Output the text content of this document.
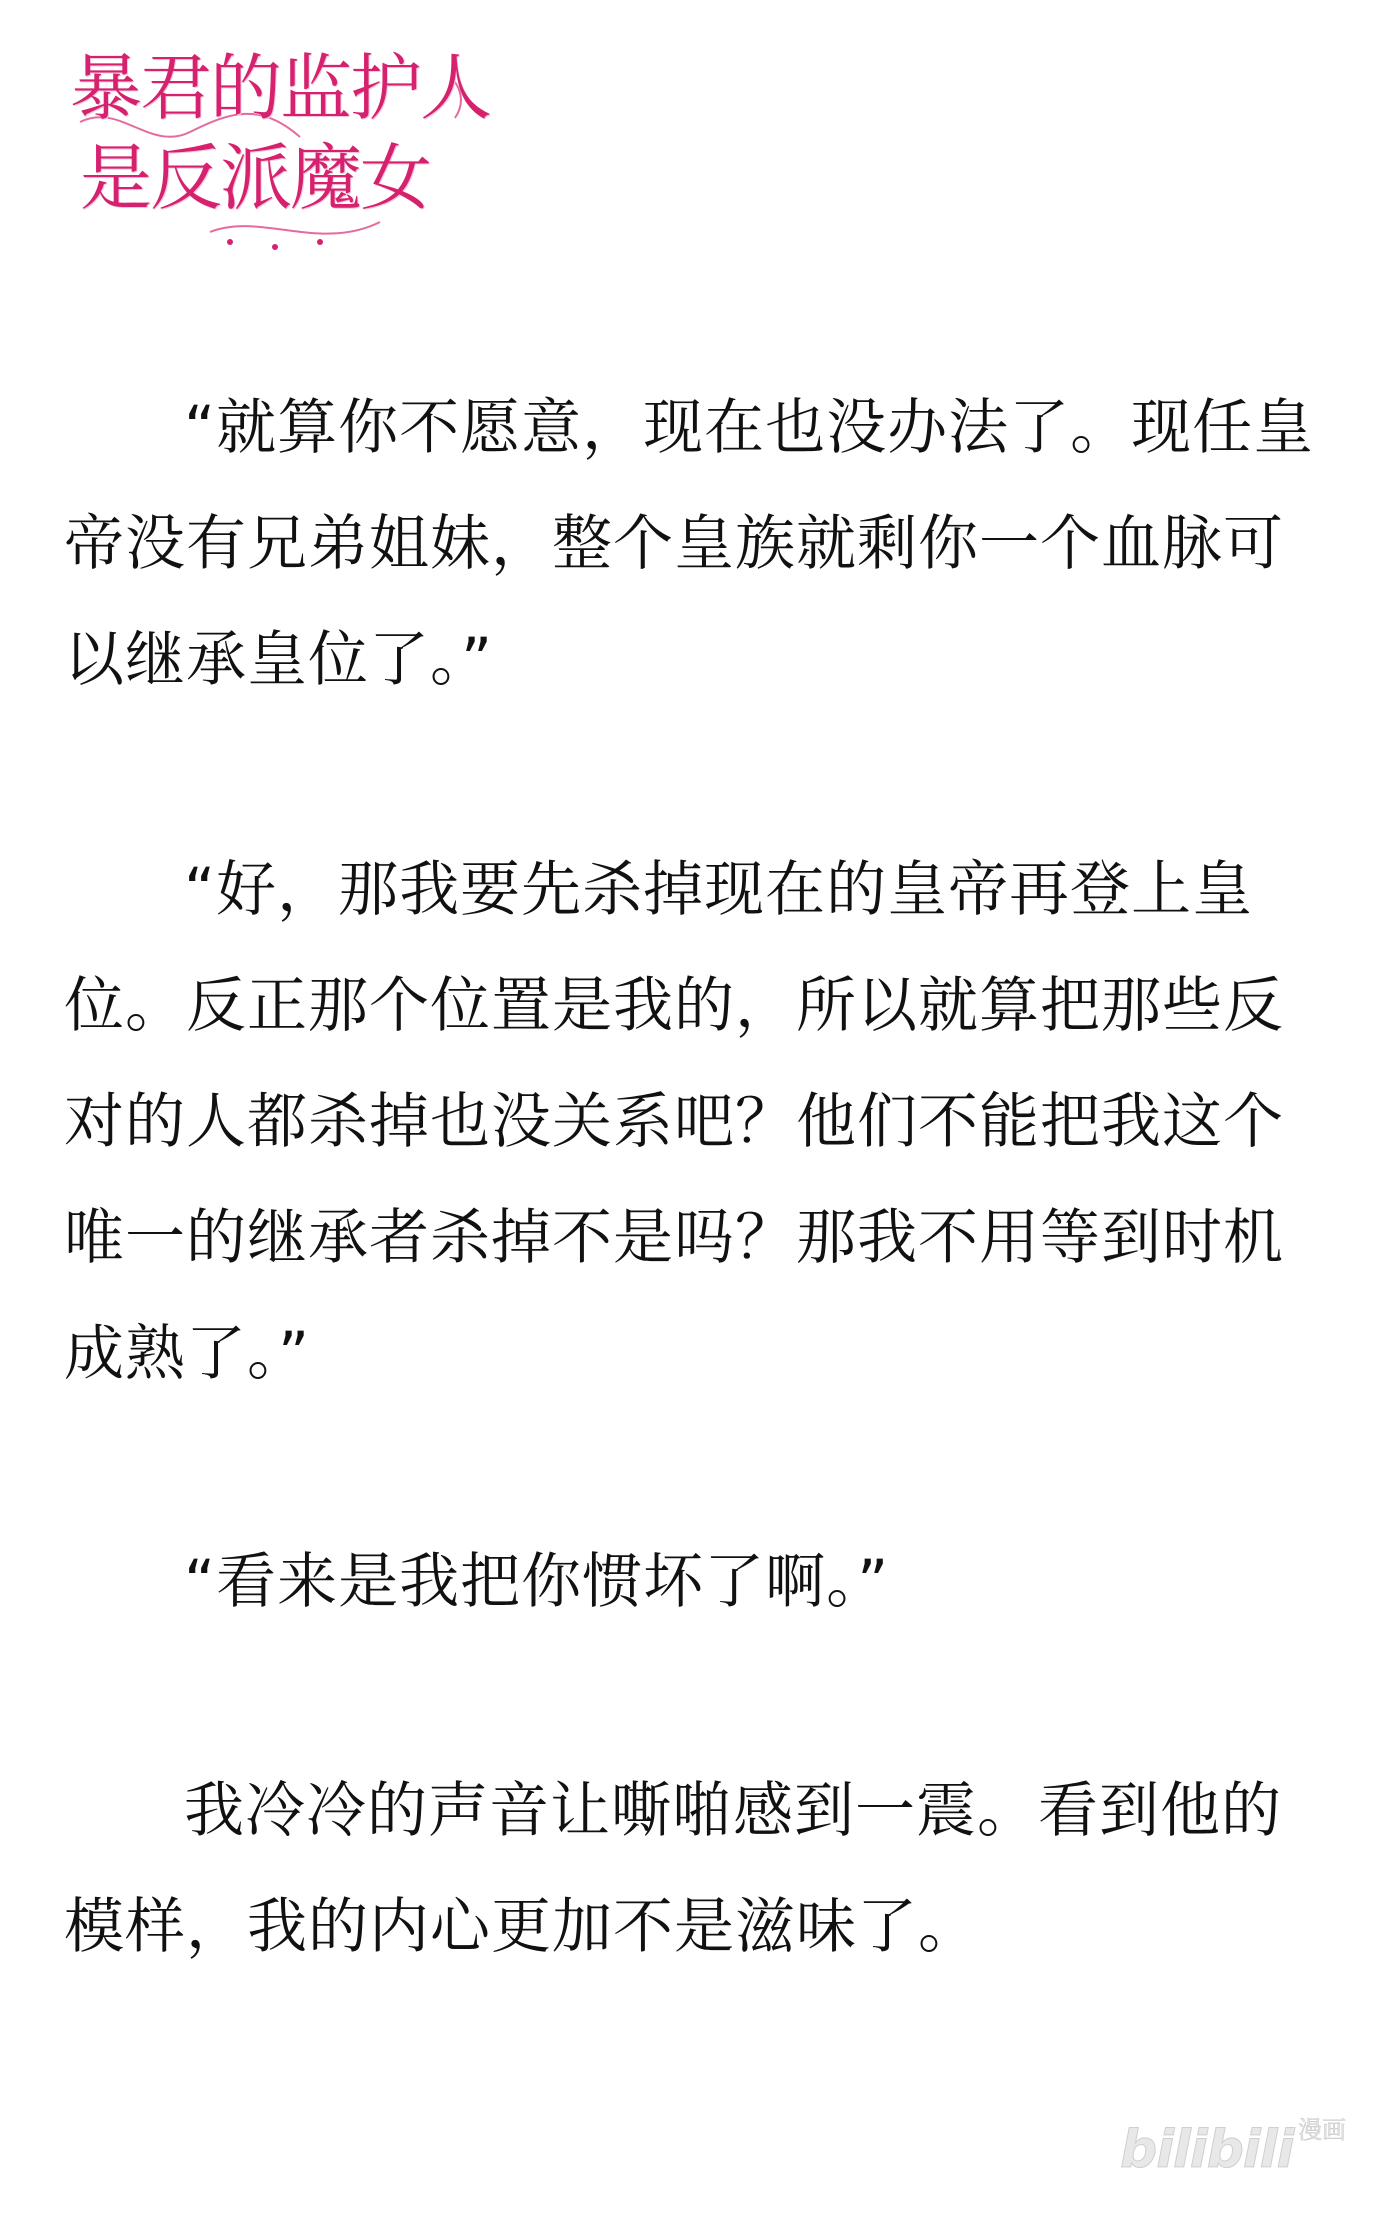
暴君的监护人
是反派魔女

“就算你不愿意，现在也没办法了。现任皇帝没有兄弟姐妹，整个皇族就剩你一个血脉可以继承皇位了。”

“好，那我要先杀掉现在的皇帝再登上皇位。反正那个位置是我的，所以就算把那些反对的人都杀掉也没关系吧？他们不能把我这个唯一的继承者杀掉不是吗？那我不用等到时机成熟了。”

“看来是我把你惯坏了啊。”

我冷冷的声音让嘶啪感到一震。看到他的模样，我的内心更加不是滋味了。

bilibili 漫画
